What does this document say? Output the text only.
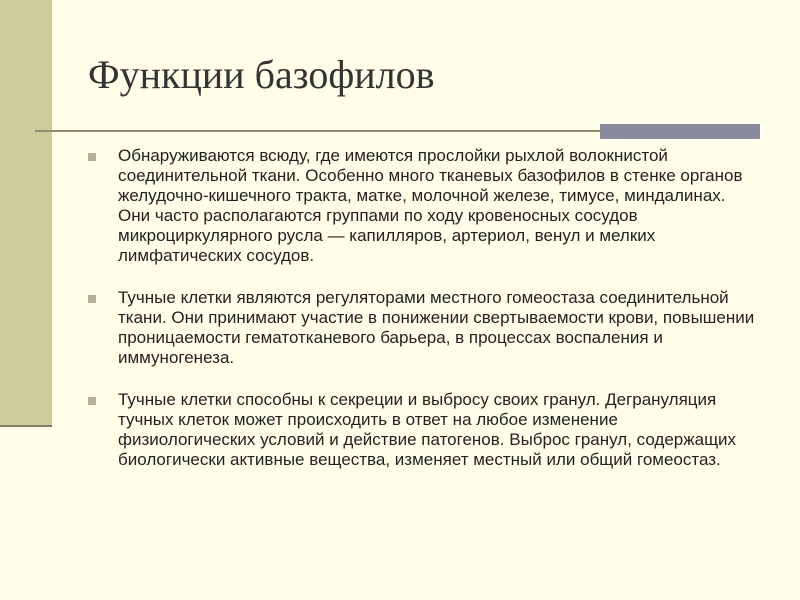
Функции базофилов
Обнаруживаются всюду, где имеются прослойки рыхлой волокнистой соединительной ткани. Особенно много тканевых базофилов в стенке органов желудочно-кишечного тракта, матке, молочной железе, тимусе, миндалинах. Они часто располагаются группами по ходу кровеносных сосудов микроциркулярного русла — капилляров, артериол, венул и мелких лимфатических сосудов.
Тучные клетки являются регуляторами местного гомеостаза соединительной ткани. Они принимают участие в понижении свертываемости крови, повышении проницаемости гематотканевого барьера, в процессах воспаления и иммуногенеза.
Тучные клетки способны к секреции и выбросу своих гранул. Дегрануляция тучных клеток может происходить в ответ на любое изменение физиологических условий и действие патогенов. Выброс гранул, содержащих биологически активные вещества, изменяет местный или общий гомеостаз.
